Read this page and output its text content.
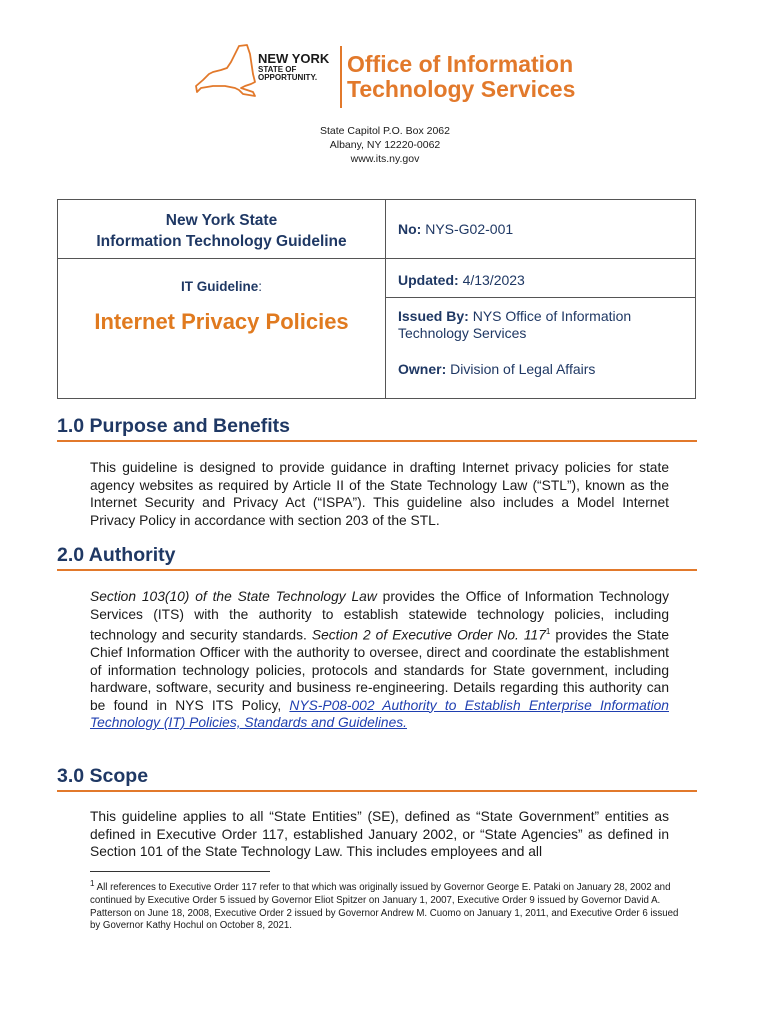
NEW YORK
STATE OF
OPPORTUNITY.
Office of Information
Technology Services
State Capitol P.O. Box 2062
Albany, NY 12220-0062
www.its.ny.gov
New York State
Information Technology Guideline
IT Guideline:
Internet Privacy Policies
No: NYS-G02-001
Updated: 4/13/2023
Issued By: NYS Office of Information Technology Services
Owner: Division of Legal Affairs
1.0 Purpose and Benefits
This guideline is designed to provide guidance in drafting Internet privacy policies for state agency websites as required by Article II of the State Technology Law (“STL”), known as the Internet Security and Privacy Act (“ISPA”). This guideline also includes a Model Internet Privacy Policy in accordance with section 203 of the STL.
2.0 Authority
Section 103(10) of the State Technology Law provides the Office of Information Technology Services (ITS) with the authority to establish statewide technology policies, including technology and security standards. Section 2 of Executive Order No. $117^1$ provides the State Chief Information Officer with the authority to oversee, direct and coordinate the establishment of information technology policies, protocols and standards for State government, including hardware, software, security and business re-engineering. Details regarding this authority can be found in NYS ITS Policy, NYS-P08-002 Authority to Establish Enterprise Information Technology (IT) Policies, Standards and Guidelines.
3.0 Scope
This guideline applies to all “State Entities” (SE), defined as “State Government” entities as defined in Executive Order 117, established January 2002, or “State Agencies” as defined in Section 101 of the State Technology Law. This includes employees and all
$^1$ All references to Executive Order 117 refer to that which was originally issued by Governor George E. Pataki on January 28, 2002 and continued by Executive Order 5 issued by Governor Eliot Spitzer on January 1, 2007, Executive Order 9 issued by Governor David A. Patterson on June 18, 2008, Executive Order 2 issued by Governor Andrew M. Cuomo on January 1, 2011, and Executive Order 6 issued by Governor Kathy Hochul on October 8, 2021.
